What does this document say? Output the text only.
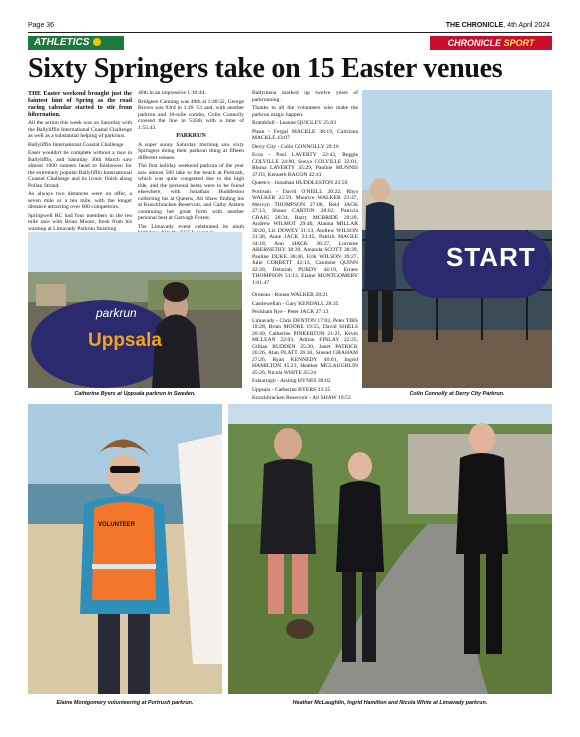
Page 36	THE CHRONICLE, 4th April 2024
ATHLETICS	CHRONICLE SPORT
Sixty Springers take on 15 Easter venues

THE Easter weekend brought just the faintest hint of Spring as the road racing calendar started to stir from hibernation.

All the action this week was on Saturday with the Ballyliffin International Coastal Challenge as well as a substantial helping of parkruns.

Ballyliffin International Coastal Challenge

Easer wouldn't be complete without a race in Ballyliffin, and Saturday 30th March saw almost 1000 runners head to Inishowen for the extremely popular Ballyliffin International Coastal Challenge and its iconic finish along Pollan Strand.

As always two distances were on offer, a seven mile or a ten mile, with the longer distance attracting over 600 competitors.

Springwell RC had four members in the ten mile race with Brian Moore, fresh from his warmup at Limavady Parkrun finishing

46th in an impressive 1:10:44.

Bridgeen Canning was 40th at 1:40:32, George Brown was 93rd in 1:49 :51 and, with another parkrun and 10-mile combo, Colin Connolly crossed the line in 535th with a time of 1:55:43.

PARKRUN

A super sunny Saturday morning saw sixty Springers doing their parkrun thing at fifteen different venues.

The first holiday weekend parkrun of the year saw almost 500 take to the beach at Portrush, which was quite congested due to the high tide, and the personal bests were to be found elsewhere, with Jonathan Huddleston collecting his at Queens, Ali Shaw finding his at Knockbracken Reservoir, and Cathy Adams continuing her great form with another personal best at Garvagh Forest.

The Limavady event celebrated its ninth

Ballymena marked up twelve years of parkrunning.

Thanks to all the volunteers who make the parkrun magic happen.

Bramblull - Leanne QUIGLEY 25:03

Plean - Fergal MACKLE 38:19, Caitriona MACKLE 43:07

Derry City - Colin CONNOLLY 29:16

Ecos - Paul LAVERTY 22:43, Reggie COLVILLE 24:00, Sonya COLVILLE 32:01, Rhona LAVERTY 35:29, Pauline MUNNIS 37:03, Kenneth BACON 42:41

Queen's - Jonathan HUDDLESTON 23:59

Portrush - David O'NEILL 20:22, Rhys WALKER 22:59, Maurice WALKER 23:47, Mervyn THOMPSON 27:08, Reid JACK 27:13, Shaun CARTON 28:02, Patricia CRAIG 28:34, Barry MCBRIDE 29:20, Andrew WILMOT 29:40, Alanna MILLAR 30:20, Liz DOWEY 31:13, Andrew WILSON 31:38, Anne JACK 33:45, Patrick MAGEE 34:18, Ann HACK 36:27, Lorraine ABERNETHY 38:39, Amanda SCOTT 38:39, Pauline DUKE 38:46, Erik WILSON 39:27, Julie CORBETT 42:13, Caoimhe QUINN 42:28, Deborah PURDY 44:19, Ernest THOMPSON 51:13, Elaine MONTGOMERY 1:01:47

Ormeau - Ronan WALKER 28:21

Castlewellan - Gary KENDALL 28:35

Peckham Rye - Peter JACK 27:13

Limavady - Chris DENTON 17:02, Peter TIBS 18:28, Brian MOORE 19:55, David SHIELS 20:49, Catherine PINKERTON 21:21, Kevin MCLEAN 22:03, Adrian FINLAY 22:25, Gillian RUDDEN 25:20, Janet PATRICK 26:26, Alan PLATT 26:36, Sinead GRAHAM 27:26, Ryan KENNEDY 40:01, Ingrid HAMILTON 45:23, Heather MCLAUGHLIN 45:26, Nicola WHITE 45:24

Falsarragh - Aisling HYNES 30:02

Uppsala - Catherine BYERS 33:25

Knockbracken Reservoir - Ali SHAW 19:53

parkrun
Uppsala
Catherine Byers at Uppsala parkrun in Sweden.
START
Colin Connolly at Derry City Parkrun.
VOLUNTEER
Elaine Montgomery volunteering at Portrush parkrun.	Heather McLaughlin, Ingrid Hamilton and Nicola White at Limavady parkrun.
